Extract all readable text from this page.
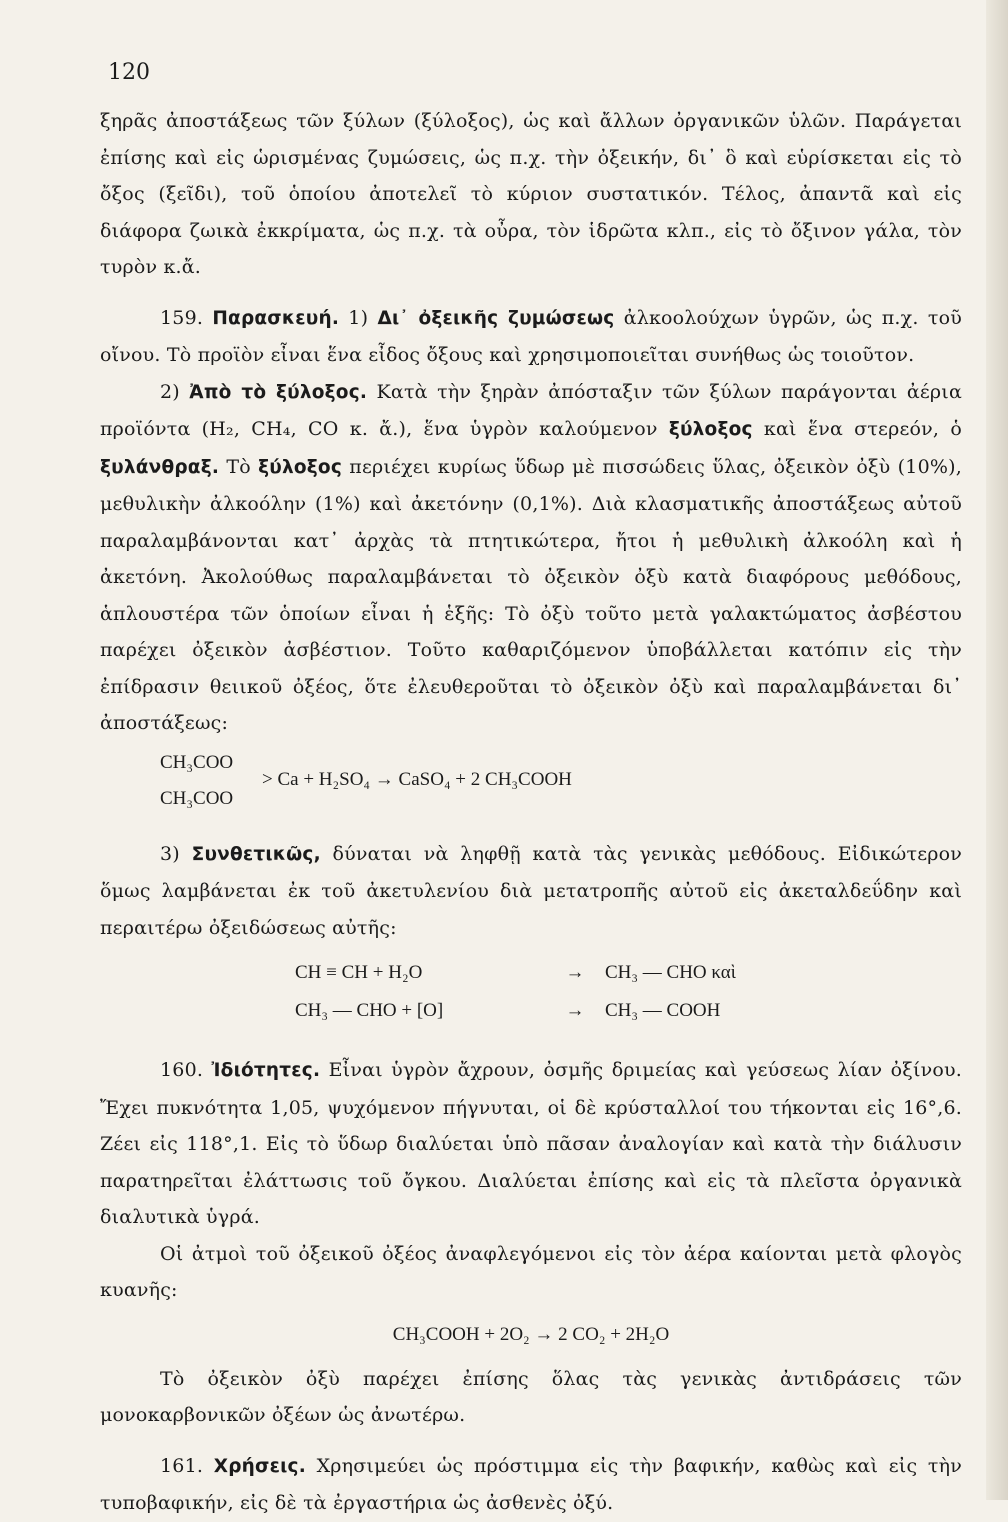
120

ξηρᾶς ἀποστάξεως τῶν ξύλων (ξύλοξος), ὡς καὶ ἄλλων ὀργανικῶν ὑλῶν. Παράγεται ἐπίσης καὶ εἰς ὡρισμένας ζυμώσεις, ὡς π.χ. τὴν ὀξεικήν, δι᾽ ὃ καὶ εὑρίσκεται εἰς τὸ ὄξος (ξεῖδι), τοῦ ὁποίου ἀποτελεῖ τὸ κύριον συστατικόν. Τέλος, ἀπαντᾶ καὶ εἰς διάφορα ζωικὰ ἐκκρίματα, ὡς π.χ. τὰ οὖρα, τὸν ἱδρῶτα κλπ., εἰς τὸ ὄξινον γάλα, τὸν τυρὸν κ.ἄ.

159. Παρασκευή. 1) Δι᾽ ὀξεικῆς ζυμώσεως ἀλκοολούχων ὑγρῶν, ὡς π.χ. τοῦ οἴνου. Τὸ προϊὸν εἶναι ἕνα εἶδος ὄξους καὶ χρησιμοποιεῖται συνήθως ὡς τοιοῦτον.

2) Ἀπὸ τὸ ξύλοξος. Κατὰ τὴν ξηρὰν ἀπόσταξιν τῶν ξύλων παράγονται ἀέρια προϊόντα (H₂, CH₄, CO κ. ἄ.), ἕνα ὑγρὸν καλούμενον ξύλοξος καὶ ἕνα στερεόν, ὁ ξυλάνθραξ. Τὸ ξύλοξος περιέχει κυρίως ὕδωρ μὲ πισσώδεις ὕλας, ὀξεικὸν ὀξὺ (10%), μεθυλικὴν ἀλκοόλην (1%) καὶ ἀκετόνην (0,1%). Διὰ κλασματικῆς ἀποστάξεως αὐτοῦ παραλαμβάνονται κατ᾽ ἀρχὰς τὰ πτητικώτερα, ἤτοι ἡ μεθυλικὴ ἀλκοόλη καὶ ἡ ἀκετόνη. Ἀκολούθως παραλαμβάνεται τὸ ὀξεικὸν ὀξὺ κατὰ διαφόρους μεθόδους, ἁπλουστέρα τῶν ὁποίων εἶναι ἡ ἑξῆς: Τὸ ὀξὺ τοῦτο μετὰ γαλακτώματος ἀσβέστου παρέχει ὀξεικὸν ἀσβέστιον. Τοῦτο καθαριζόμενον ὑποβάλλεται κατόπιν εἰς τὴν ἐπίδρασιν θειικοῦ ὀξέος, ὅτε ἐλευθεροῦται τὸ ὀξεικὸν ὀξὺ καὶ παραλαμβάνεται δι᾽ ἀποστάξεως:

CH₃COO
CH₃COO
> Ca + H₂SO₄ → CaSO₄ + 2 CH₃COOH

3) Συνθετικῶς, δύναται νὰ ληφθῇ κατὰ τὰς γενικὰς μεθόδους. Εἰδικώτερον ὅμως λαμβάνεται ἐκ τοῦ ἀκετυλενίου διὰ μετατροπῆς αὐτοῦ εἰς ἀκεταλδεΰδην καὶ περαιτέρω ὀξειδώσεως αὐτῆς:

CH ≡ CH + H₂O	→	CH₃ — CHO καὶ
CH₃ — CHO + [O]	→	CH₃ — COOH

160. Ἰδιότητες. Εἶναι ὑγρὸν ἄχρουν, ὀσμῆς δριμείας καὶ γεύσεως λίαν ὀξίνου. Ἔχει πυκνότητα 1,05, ψυχόμενον πήγνυται, οἱ δὲ κρύσταλλοί του τήκονται εἰς 16°,6. Ζέει εἰς 118°,1. Εἰς τὸ ὕδωρ διαλύεται ὑπὸ πᾶσαν ἀναλογίαν καὶ κατὰ τὴν διάλυσιν παρατηρεῖται ἐλάττωσις τοῦ ὄγκου. Διαλύεται ἐπίσης καὶ εἰς τὰ πλεῖστα ὀργανικὰ διαλυτικὰ ὑγρά.

Οἱ ἀτμοὶ τοῦ ὀξεικοῦ ὀξέος ἀναφλεγόμενοι εἰς τὸν ἀέρα καίονται μετὰ φλογὸς κυανῆς:

CH₃COOH + 2O₂ → 2 CO₂ + 2H₂O

Τὸ ὀξεικὸν ὀξὺ παρέχει ἐπίσης ὅλας τὰς γενικὰς ἀντιδράσεις τῶν μονοκαρβονικῶν ὀξέων ὡς ἀνωτέρω.

161. Χρήσεις. Χρησιμεύει ὡς πρόστιμμα εἰς τὴν βαφικήν, καθὼς καὶ εἰς τὴν τυποβαφικήν, εἰς δὲ τὰ ἐργαστήρια ὡς ἀσθενὲς ὀξύ.
